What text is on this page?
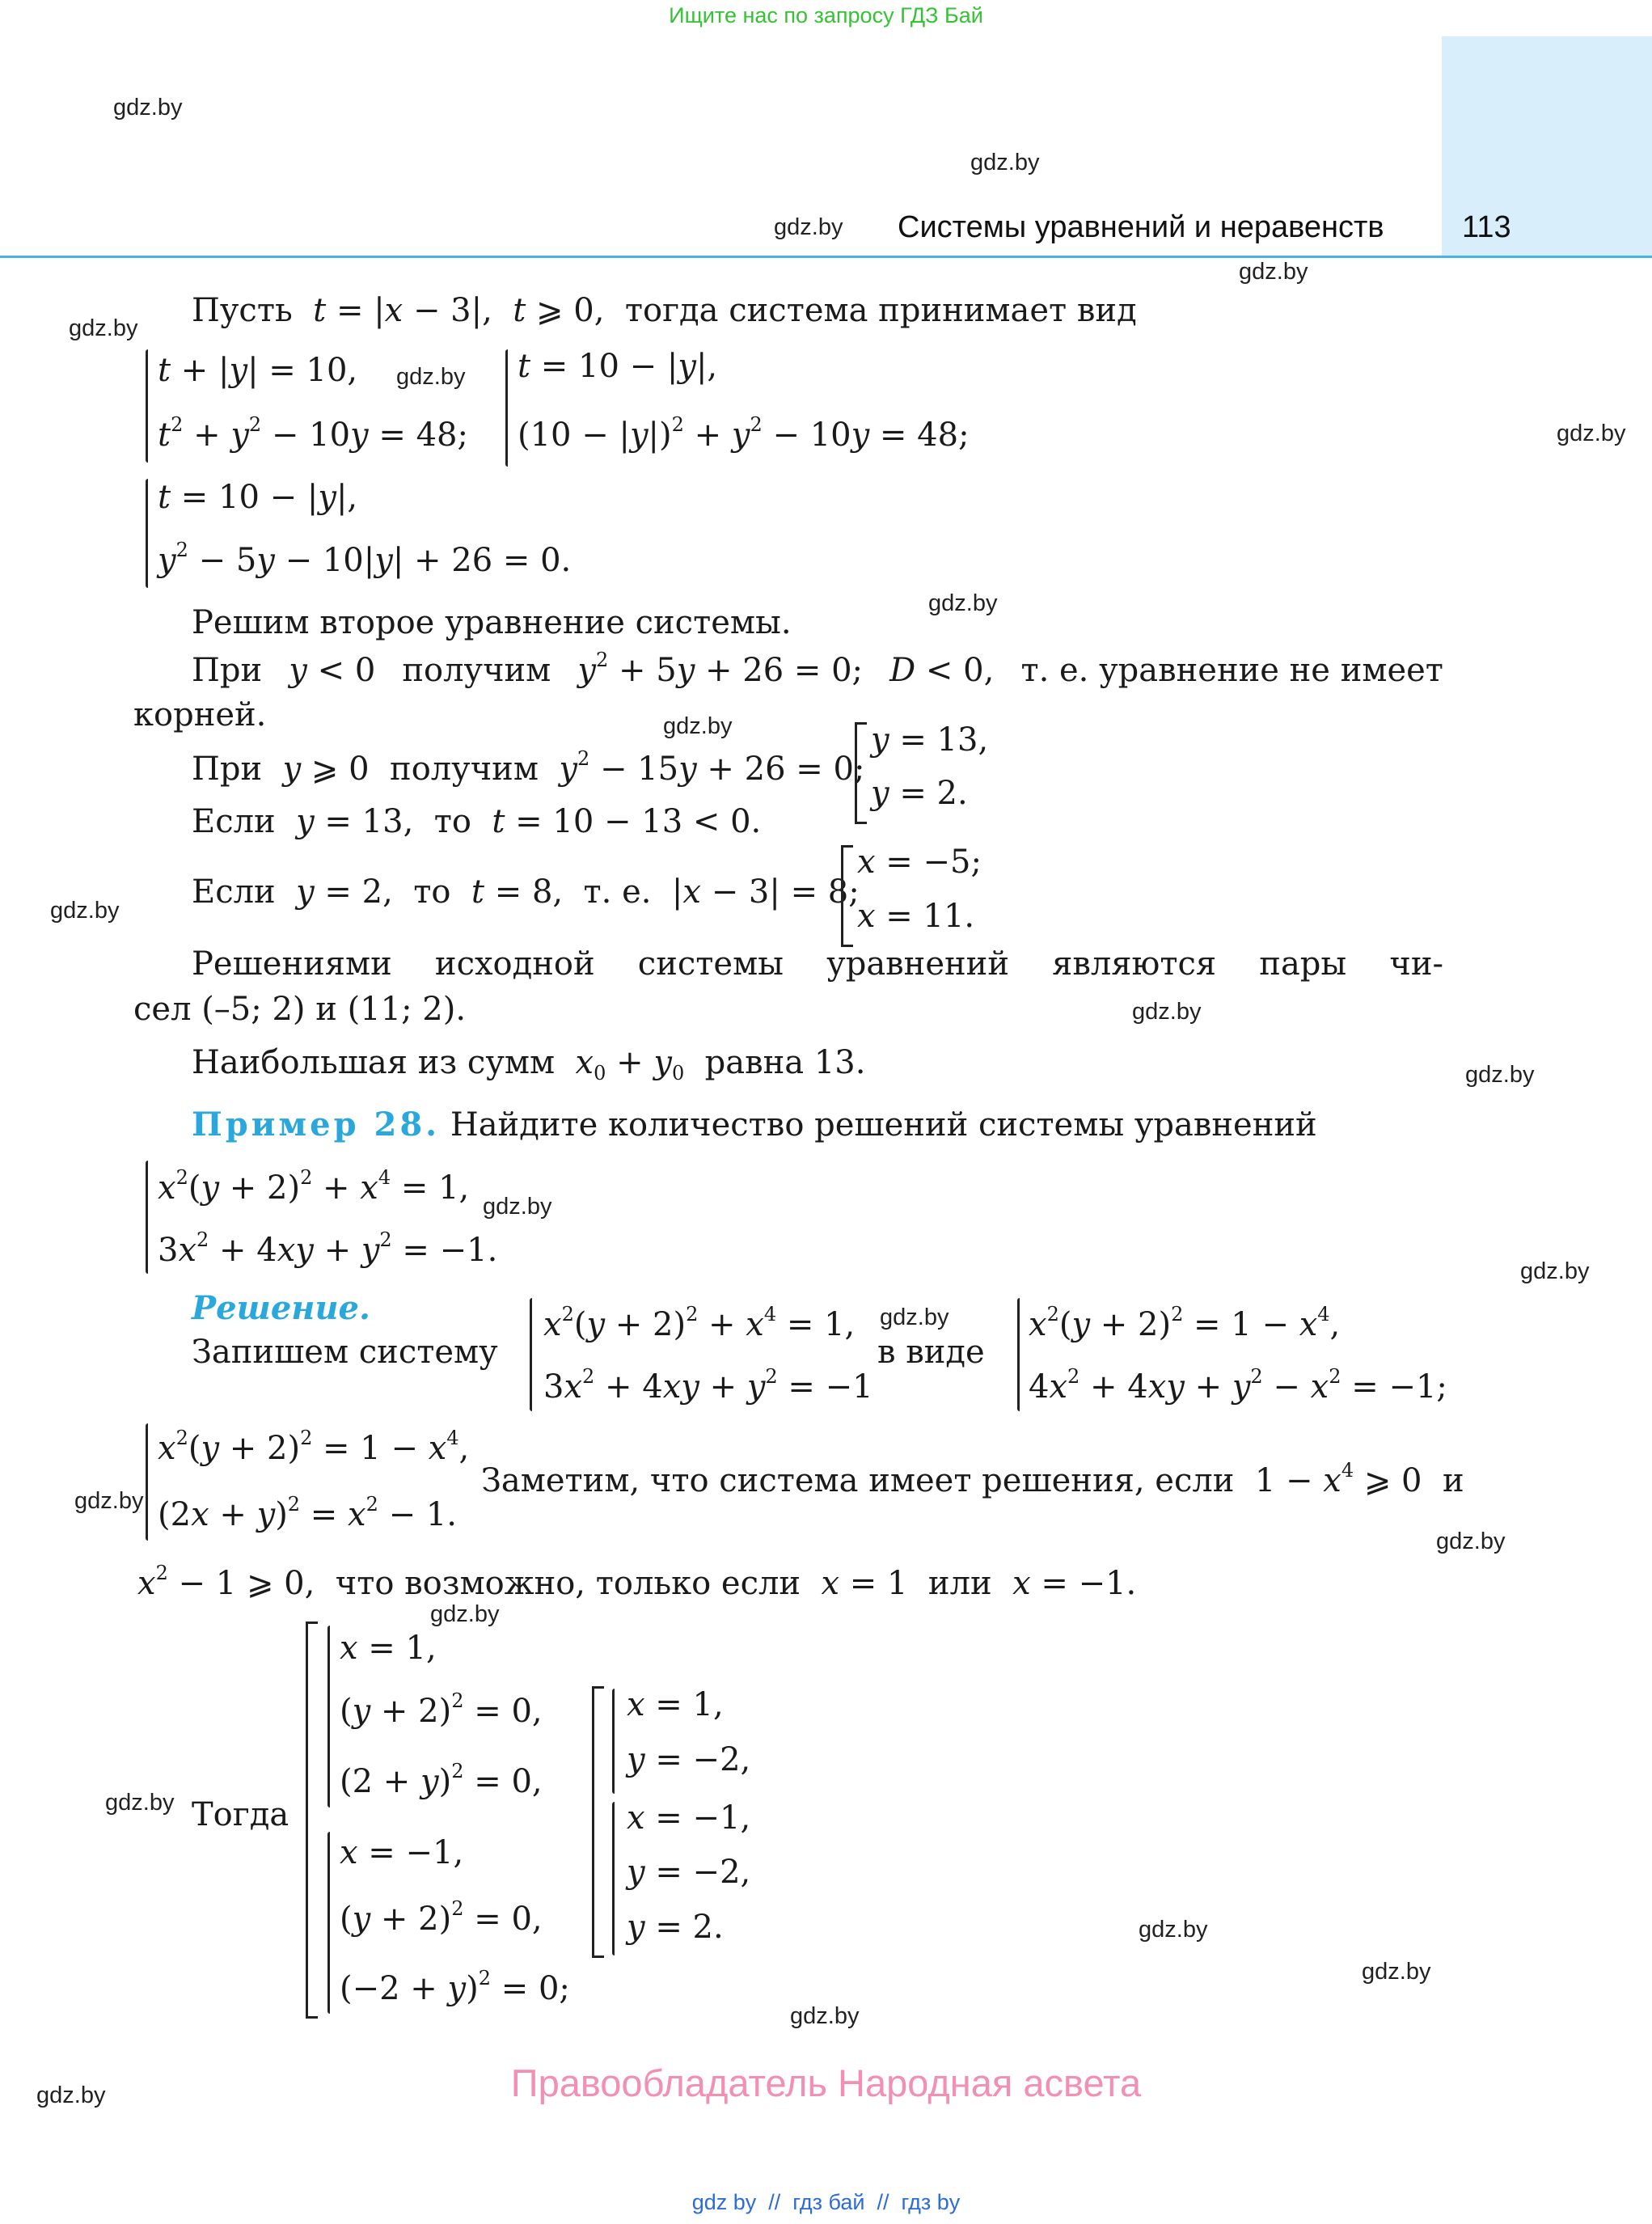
Ищите нас по запросу ГДЗ Бай
Системы уравнений и неравенств	113
gdz.by
gdz.by
gdz.by
gdz.by
gdz.by
gdz.by
gdz.by
gdz.by
gdz.by
gdz.by
gdz.by
gdz.by
gdz.by
gdz.by
gdz.by
gdz.by
gdz.by
gdz.by
gdz.by
gdz.by
gdz.by
gdz.by
gdz.by
Пусть t = |x − 3|,  t ⩾ 0,  тогда система принимает вид
t + |y| = 10,
$t^2 + y^2 - 10y = 48$;
t = 10 − |y|,
$(10 - |y|)^2 + y^2 - 10y = 48$;
t = 10 − |y|,
$y^2 - 5y - 10|y| + 26 = 0$.
Решим второе уравнение системы.
При y < 0 получим $y^2 + 5y + 26 = 0$; D < 0, т. е. уравнение не имеет
корней.
При y ⩾ 0  получим $y^2 - 15y + 26 = 0$;
y = 13,
y = 2.
Если y = 13,  то t = 10 − 13 < 0.
Если y = 2,  то t = 8,  т. е.  |x − 3| = 8;
x = −5;
x = 11.
Решениями исходной системы уравнений являются пары чи-
сел (–5; 2) и (11; 2).
Наибольшая из сумм $x_0 + y_0$ равна 13.
Пример 28. Найдите количество решений системы уравнений
$x^2(y + 2)^2 + x^4 = 1$,
$3x^2 + 4xy + y^2 = -1$.
Решение.
Запишем систему
$x^2(y + 2)^2 + x^4 = 1$,
$3x^2 + 4xy + y^2 = -1$
в виде
$x^2(y + 2)^2 = 1 - x^4$,
$4x^2 + 4xy + y^2 - x^2 = -1$;
$x^2(y + 2)^2 = 1 - x^4$,
$(2x + y)^2 = x^2 - 1$.
Заметим, что система имеет решения, если  $1 - x^4$ ⩾ 0  и
$x^2 - 1$ ⩾ 0,  что возможно, только если x = 1  или x = −1.
Тогда
x = 1,
$(y + 2)^2 = 0$,
$(2 + y)^2 = 0$,
x = −1,
$(y + 2)^2 = 0$,
$(-2 + y)^2 = 0$;
x = 1,
y = −2,
x = −1,
y = −2,
y = 2.
Правообладатель Народная асвета
gdz by  //  гдз бай  //  гдз by
